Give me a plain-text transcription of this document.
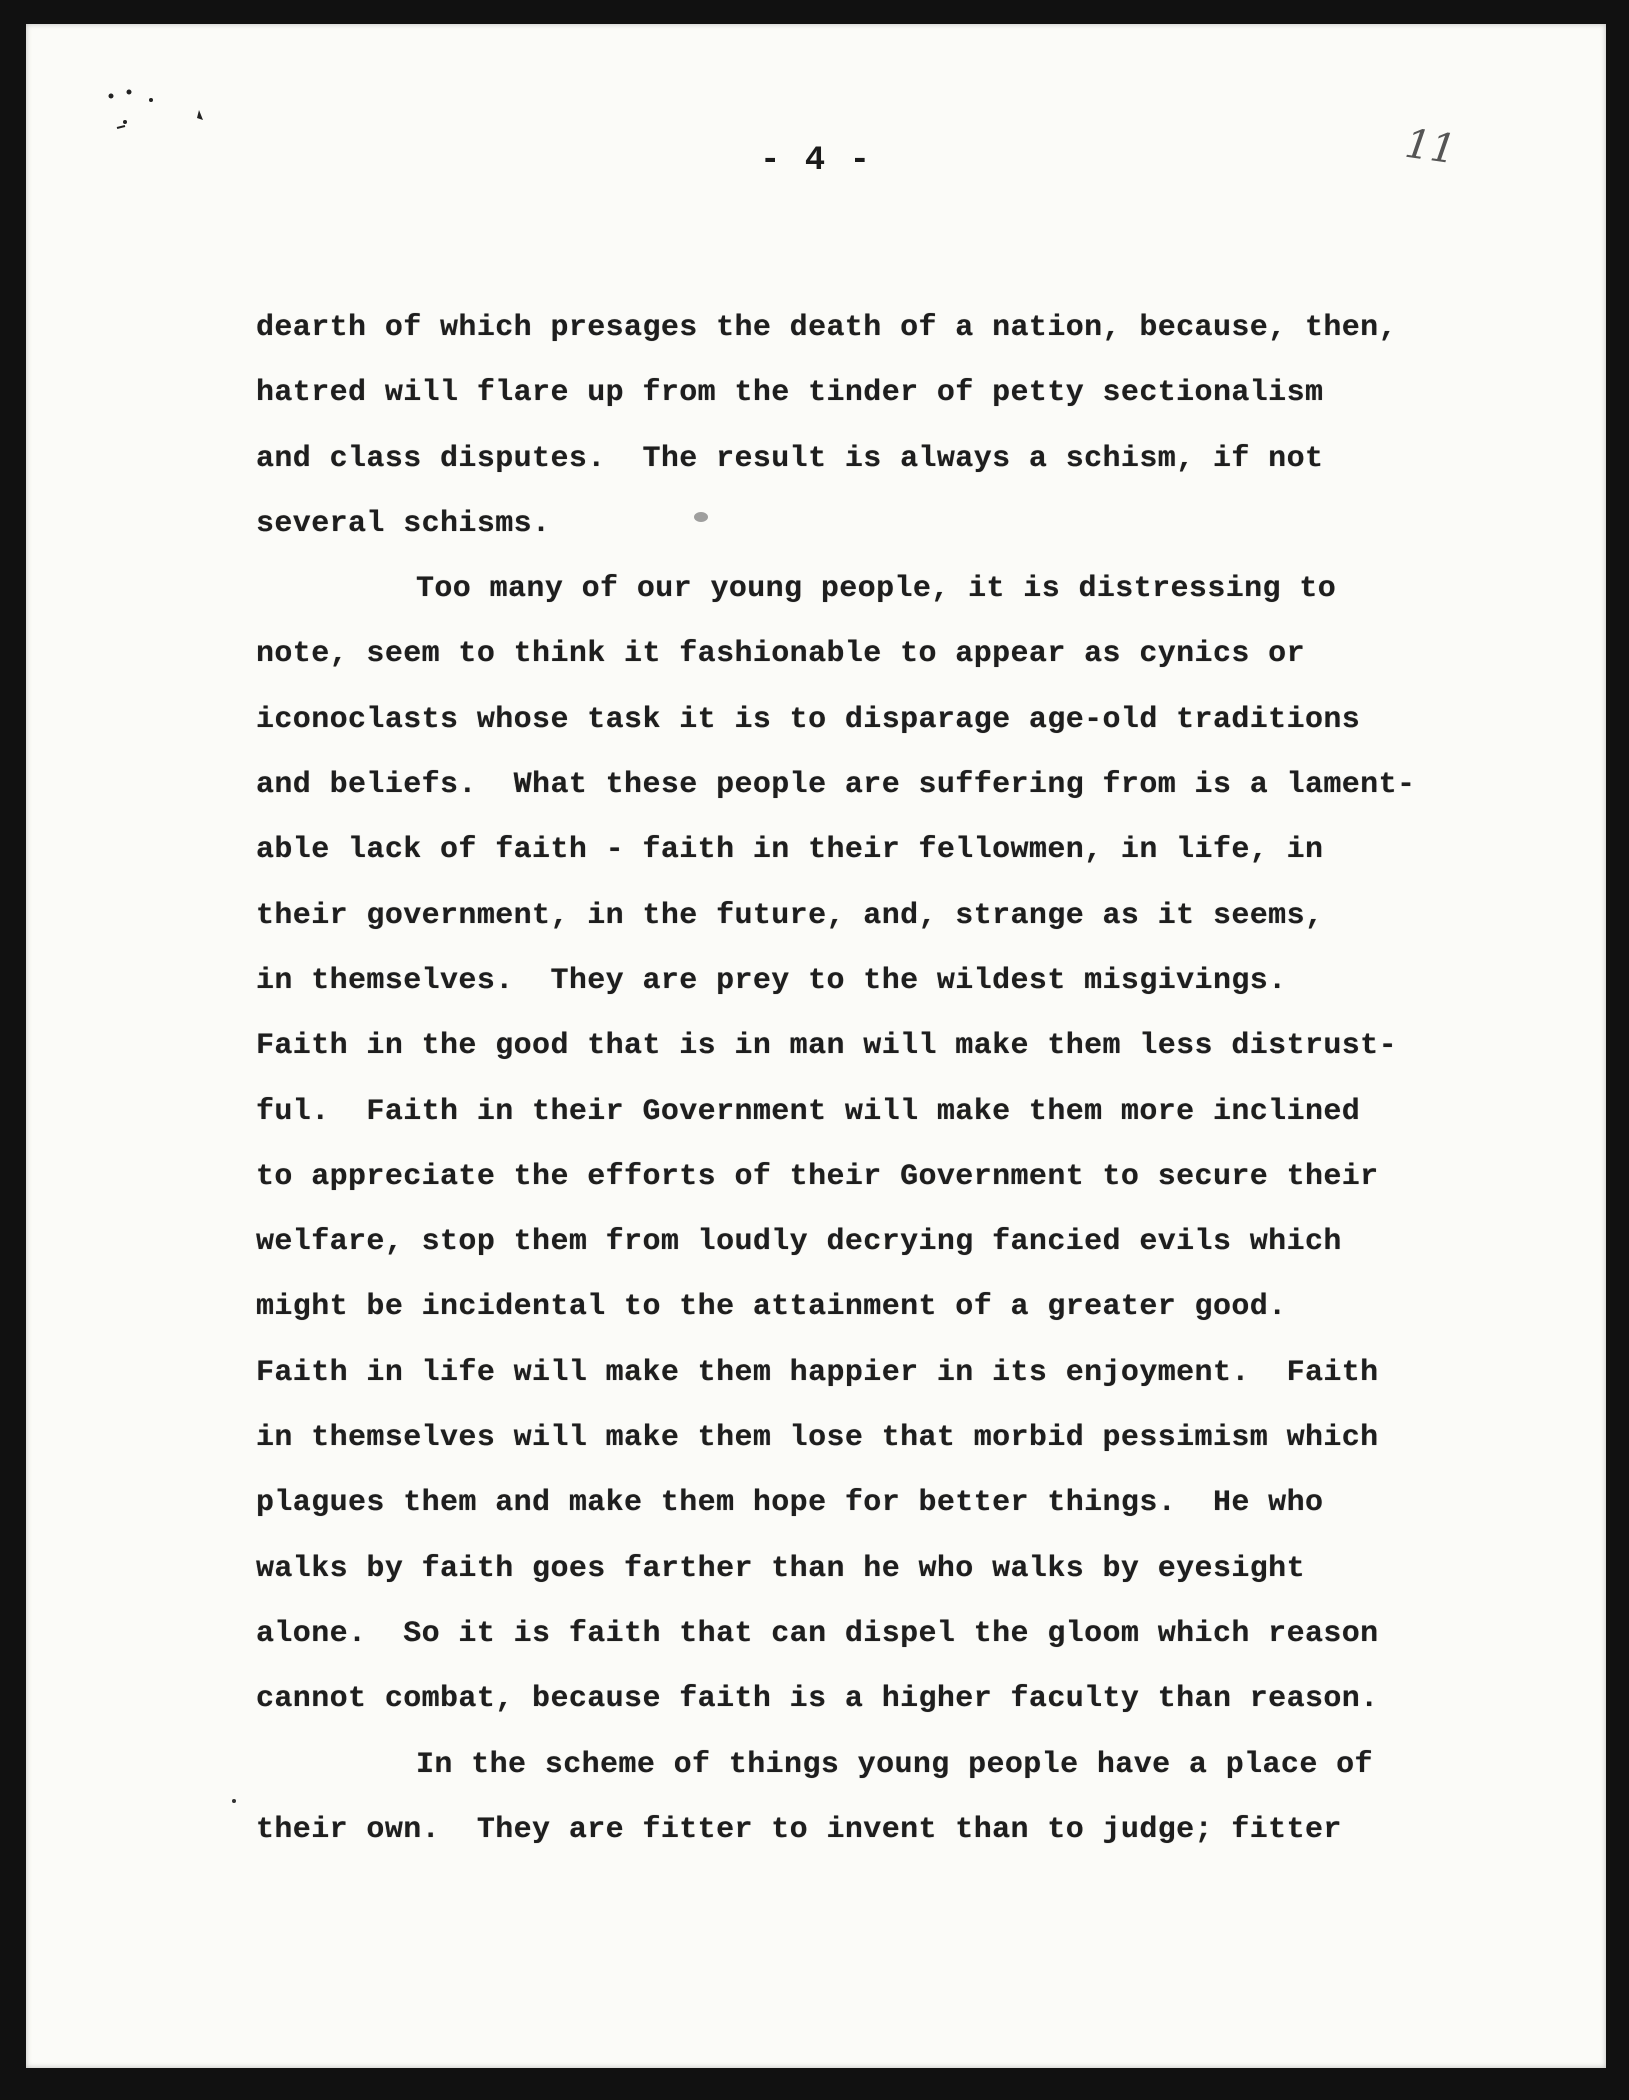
- 4 -	11
dearth of which presages the death of a nation, because, then,
hatred will flare up from the tinder of petty sectionalism
and class disputes.  The result is always a schism, if not
several schisms.
Too many of our young people, it is distressing to
note, seem to think it fashionable to appear as cynics or
iconoclasts whose task it is to disparage age-old traditions
and beliefs.  What these people are suffering from is a lament-
able lack of faith - faith in their fellowmen, in life, in
their government, in the future, and, strange as it seems,
in themselves.  They are prey to the wildest misgivings.
Faith in the good that is in man will make them less distrust-
ful.  Faith in their Government will make them more inclined
to appreciate the efforts of their Government to secure their
welfare, stop them from loudly decrying fancied evils which
might be incidental to the attainment of a greater good.
Faith in life will make them happier in its enjoyment.  Faith
in themselves will make them lose that morbid pessimism which
plagues them and make them hope for better things.  He who
walks by faith goes farther than he who walks by eyesight
alone.  So it is faith that can dispel the gloom which reason
cannot combat, because faith is a higher faculty than reason.
In the scheme of things young people have a place of
their own.  They are fitter to invent than to judge; fitter
